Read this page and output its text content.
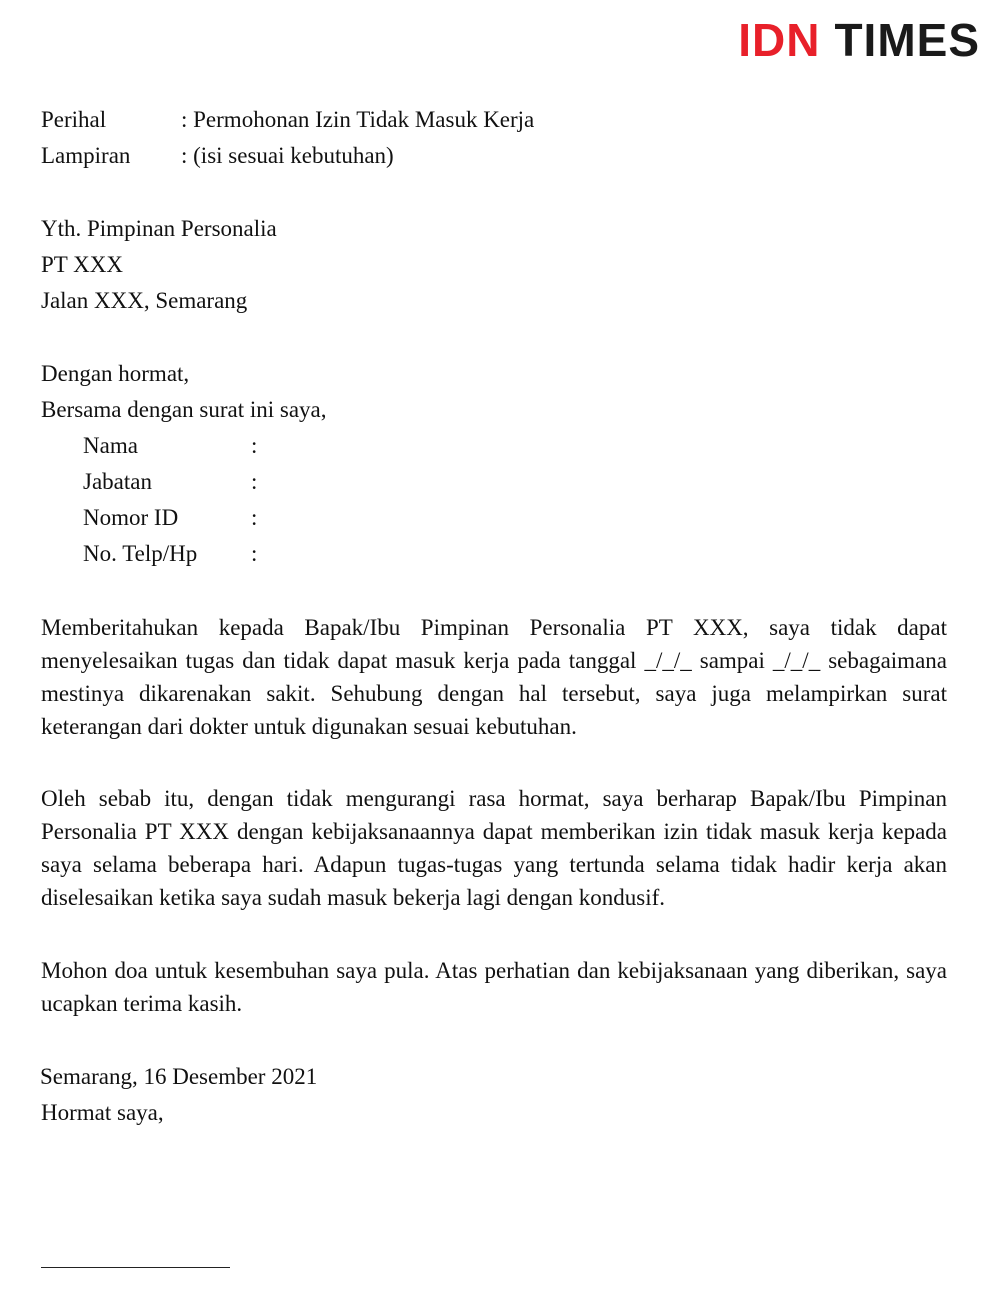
IDN TIMES
Perihal	: Permohonan Izin Tidak Masuk Kerja
Lampiran : (isi sesuai kebutuhan)
Yth. Pimpinan Personalia
PT XXX
Jalan XXX, Semarang
Dengan hormat,
Bersama dengan surat ini saya,
Nama	:
Jabatan	:
Nomor ID	:
No. Telp/Hp :
Memberitahukan kepada Bapak/Ibu Pimpinan Personalia PT XXX, saya tidak dapat menyelesaikan tugas dan tidak dapat masuk kerja pada tanggal _/_/_ sampai _/_/_ sebagaimana mestinya dikarenakan sakit. Sehubung dengan hal tersebut, saya juga melampirkan surat keterangan dari dokter untuk digunakan sesuai kebutuhan.
Oleh sebab itu, dengan tidak mengurangi rasa hormat, saya berharap Bapak/Ibu Pimpinan Personalia PT XXX dengan kebijaksanaannya dapat memberikan izin tidak masuk kerja kepada saya selama beberapa hari. Adapun tugas-tugas yang tertunda selama tidak hadir kerja akan diselesaikan ketika saya sudah masuk bekerja lagi dengan kondusif.
Mohon doa untuk kesembuhan saya pula. Atas perhatian dan kebijaksanaan yang diberikan, saya ucapkan terima kasih.
Semarang, 16 Desember 2021
Hormat saya,
